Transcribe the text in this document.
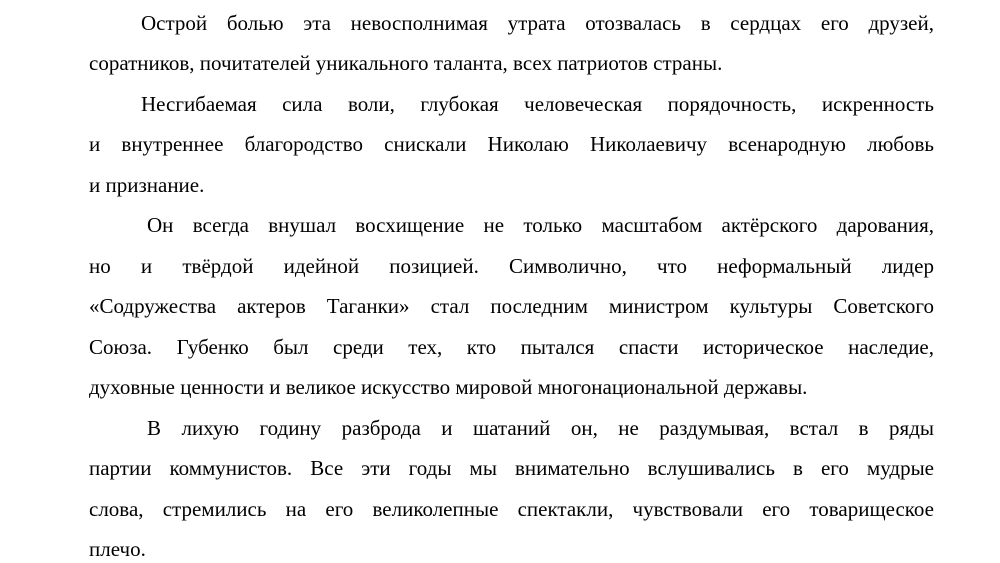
Острой болью эта невосполнимая утрата отозвалась в сердцах его друзей,
соратников, почитателей уникального таланта, всех патриотов страны.
Несгибаемая сила воли, глубокая человеческая порядочность, искренность
и внутреннее благородство снискали Николаю Николаевичу всенародную любовь
и признание.
Он всегда внушал восхищение не только масштабом актёрского дарования,
но и твёрдой идейной позицией. Символично, что неформальный лидер
«Содружества актеров Таганки» стал последним министром культуры Советского
Союза. Губенко был среди тех, кто пытался спасти историческое наследие,
духовные ценности и великое искусство мировой многонациональной державы.
В лихую годину разброда и шатаний он, не раздумывая, встал в ряды
партии коммунистов. Все эти годы мы внимательно вслушивались в его мудрые
слова, стремились на его великолепные спектакли, чувствовали его товарищеское
плечо.
